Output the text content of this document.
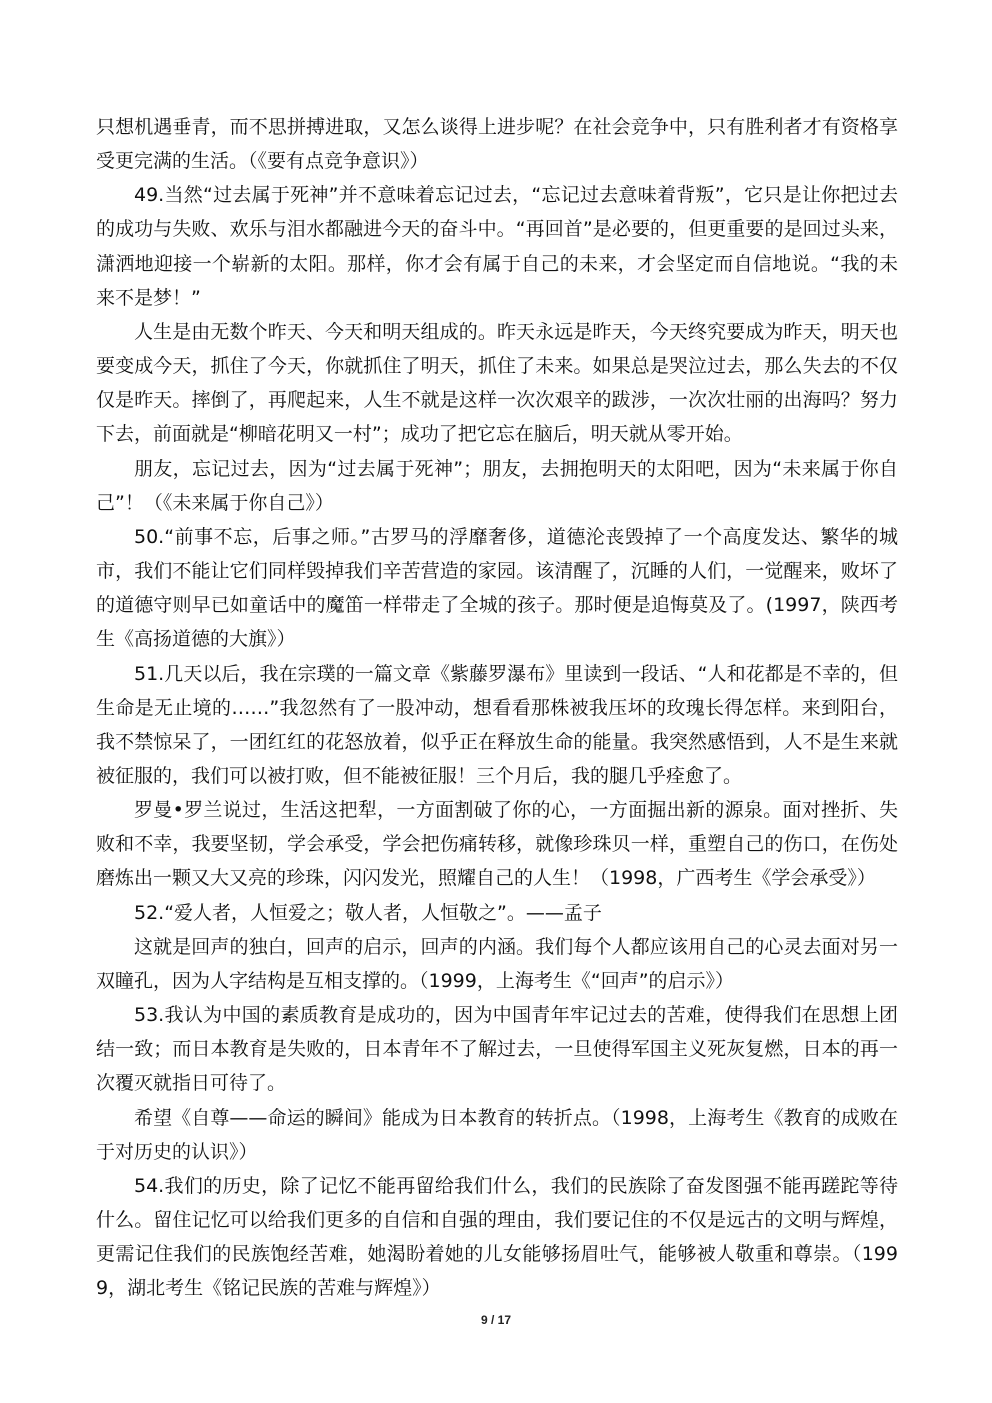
只想机遇垂青，而不思拼搏进取，又怎么谈得上进步呢？在社会竞争中，只有胜利者才有资格享受更完满的生活。（《要有点竞争意识》）

49.当然“过去属于死神”并不意味着忘记过去，“忘记过去意味着背叛”，它只是让你把过去的成功与失败、欢乐与泪水都融进今天的奋斗中。“再回首”是必要的，但更重要的是回过头来，潇洒地迎接一个崭新的太阳。那样，你才会有属于自己的未来，才会坚定而自信地说。“我的未来不是梦！”

人生是由无数个昨天、今天和明天组成的。昨天永远是昨天，今天终究要成为昨天，明天也要变成今天，抓住了今天，你就抓住了明天，抓住了未来。如果总是哭泣过去，那么失去的不仅仅是昨天。摔倒了，再爬起来，人生不就是这样一次次艰辛的跋涉，一次次壮丽的出海吗？努力下去，前面就是“柳暗花明又一村”；成功了把它忘在脑后，明天就从零开始。

朋友，忘记过去，因为“过去属于死神”；朋友，去拥抱明天的太阳吧，因为“未来属于你自己”！（《未来属于你自己》）

50.“前事不忘，后事之师。”古罗马的浮靡奢侈，道德沦丧毁掉了一个高度发达、繁华的城市，我们不能让它们同样毁掉我们辛苦营造的家园。该清醒了，沉睡的人们，一觉醒来，败坏了的道德守则早已如童话中的魔笛一样带走了全城的孩子。那时便是追悔莫及了。(1997，陕西考生《高扬道德的大旗》）

51.几天以后，我在宗璞的一篇文章《紫藤罗瀑布》里读到一段话、“人和花都是不幸的，但生命是无止境的……”我忽然有了一股冲动，想看看那株被我压坏的玫瑰长得怎样。来到阳台，我不禁惊呆了，一团红红的花怒放着，似乎正在释放生命的能量。我突然感悟到，人不是生来就被征服的，我们可以被打败，但不能被征服！三个月后，我的腿几乎痊愈了。

罗曼•罗兰说过，生活这把犁，一方面割破了你的心，一方面掘出新的源泉。面对挫折、失败和不幸，我要坚韧，学会承受，学会把伤痛转移，就像珍珠贝一样，重塑自己的伤口，在伤处磨炼出一颗又大又亮的珍珠，闪闪发光，照耀自己的人生！（1998，广西考生《学会承受》）

52.“爱人者，人恒爱之；敬人者，人恒敬之”。——孟子

这就是回声的独白，回声的启示，回声的内涵。我们每个人都应该用自己的心灵去面对另一双瞳孔，因为人字结构是互相支撑的。（1999，上海考生《“回声”的启示》）

53.我认为中国的素质教育是成功的，因为中国青年牢记过去的苦难，使得我们在思想上团结一致；而日本教育是失败的，日本青年不了解过去，一旦使得军国主义死灰复燃，日本的再一次覆灭就指日可待了。

希望《自尊——命运的瞬间》能成为日本教育的转折点。（1998，上海考生《教育的成败在于对历史的认识》）

54.我们的历史，除了记忆不能再留给我们什么，我们的民族除了奋发图强不能再蹉跎等待什么。留住记忆可以给我们更多的自信和自强的理由，我们要记住的不仅是远古的文明与辉煌，更需记住我们的民族饱经苦难，她渴盼着她的儿女能够扬眉吐气，能够被人敬重和尊崇。（1999，湖北考生《铭记民族的苦难与辉煌》）

9 / 17
